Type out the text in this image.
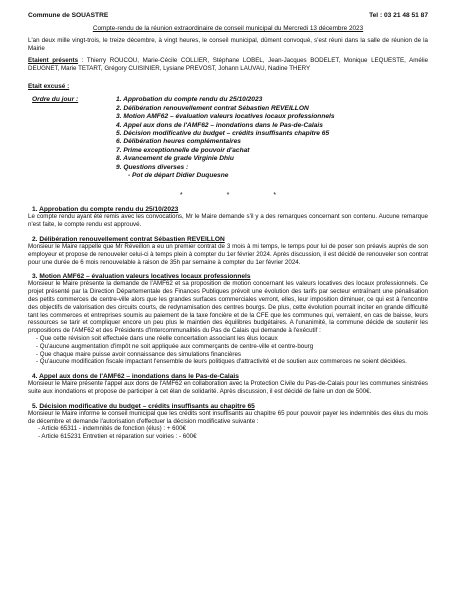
Commune de SOUASTRE	Tel : 03 21 48 51 87
Compte-rendu de la réunion extraordinaire de conseil municipal du Mercredi 13 décembre 2023
L'an deux mille vingt-trois, le treize décembre, à vingt heures, le conseil municipal, dûment convoqué, s'est réuni dans la salle de réunion de la Mairie
Etaient présents : Thierry ROUCOU, Marie-Cécile COLLIER, Stéphane LOBEL, Jean-Jacques BODELET, Monique LEQUESTE, Amélie DEUGNET, Marie TETART, Grégory CUISINIER, Lysiane PREVOST, Johann LAUVAU, Nadine THERY
Etait excusé :
Ordre du jour :	1. Approbation du compte rendu du 25/10/2023
2. Délibération renouvellement contrat Sébastien REVEILLON
3. Motion AMF62 – évaluation valeurs locatives locaux professionnels
4. Appel aux dons de l'AMF62 – inondations dans le Pas-de-Calais
5. Décision modificative du budget – crédits insuffisants chapitre 65
6. Délibération heures complémentaires
7. Prime exceptionnelle de pouvoir d'achat
8. Avancement de grade Virginie Dhiu
9. Questions diverses :
- Pot de départ Didier Duquesne
*	*	*
1. Approbation du compte rendu du 25/10/2023
Le compte rendu ayant été remis avec les convocations, Mr le Maire demande s'il y a des remarques concernant son contenu. Aucune remarque n'est faite, le compte rendu est approuvé.
2. Délibération renouvellement contrat Sébastien REVEILLON
Monsieur le Maire rappelle que Mr Réveillon a eu un premier contrat de 3 mois à mi temps, le temps pour lui de poser son préavis auprès de son employeur et propose de renouveler celui-ci à temps plein à compter du 1er février 2024. Après discussion, il est décidé de renouveler son contrat pour une durée de 6 mois renouvelable à raison de 35h par semaine à compter du 1er février 2024.
3. Motion AMF62 – évaluation valeurs locatives locaux professionnels
Monsieur le Maire présente la demande de l'AMF62 et sa proposition de motion concernant les valeurs locatives des locaux professionnels. Ce projet présenté par la Direction Départementale des Finances Publiques prévoit une évolution des tarifs par secteur entraînant une pénalisation des petits commerces de centre-ville alors que les grandes surfaces commerciales verront, elles, leur imposition diminuer, ce qui est à l'encontre des objectifs de valorisation des circuits courts, de redynamisation des centres bourgs. De plus, cette évolution pourrait inciter en grande difficulté tant les commerces et entreprises soumis au paiement de la taxe foncière et de la CFE que les communes qui, verraient, en cas de baisse, leurs ressources se tarir et compliquer encore un peu plus le maintien des équilibres budgétaires. A l'unanimité, la commune décide de soutenir les propositions de l'AMF62 et des Présidents d'Intercommunalités du Pas de Calais qui demande à l'exécutif :
- Que cette révision soit effectuée dans une réelle concertation associant les élus locaux
- Qu'aucune augmentation d'impôt ne soit appliquée aux commerçants de centre-ville et centre-bourg
- Que chaque maire puisse avoir connaissance des simulations financières
- Qu'aucune modification fiscale impactant l'ensemble de leurs politiques d'attractivité et de soutien aux commerces ne soient décidées.
4. Appel aux dons de l'AMF62 – inondations dans le Pas-de-Calais
Monsieur le Maire présente l'appel aux dons de l'AMF62 en collaboration avec la Protection Civile du Pas-de-Calais pour les communes sinistrées suite aux inondations et propose de participer à cet élan de solidarité. Après discussion, il est décidé de faire un don de 500€.
5. Décision modificative du budget – crédits insuffisants au chapitre 65
Monsieur le Maire informe le conseil municipal que les crédits sont insuffisants au chapitre 65 pour pouvoir payer les indemnités des élus du mois de décembre et demande l'autorisation d'effectuer la décision modificative suivante :
- Article 65311 - indemnités de fonction (élus) : + 600€
- Article 615231 Entretien et réparation sur voiries : - 600€
